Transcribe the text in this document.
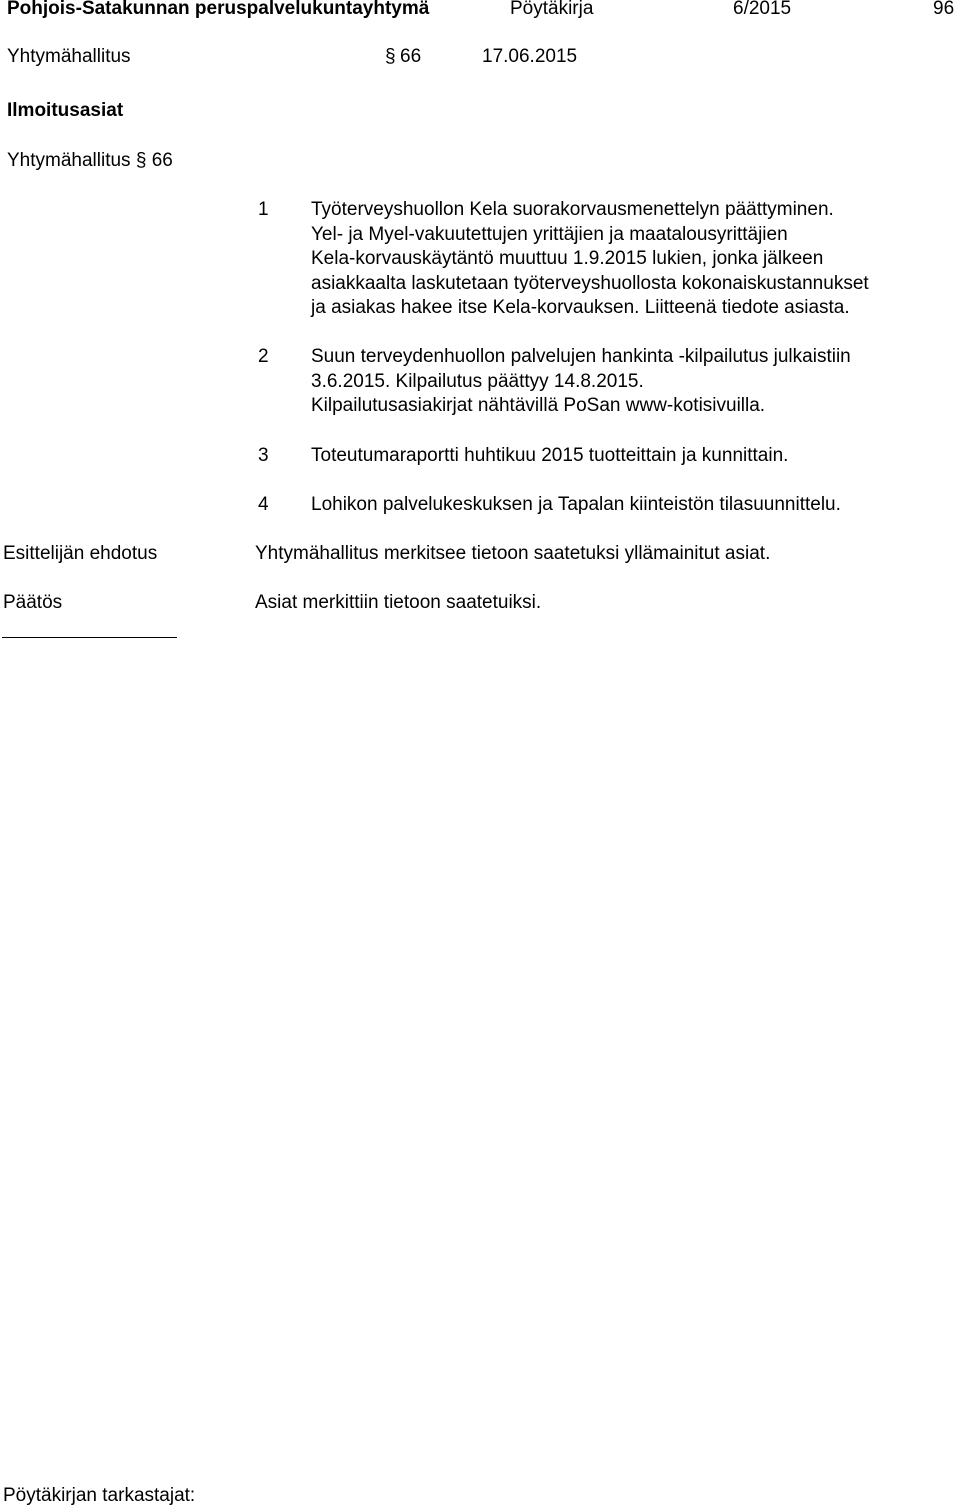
Pohjois-Satakunnan peruspalvelukuntayhtymä	Pöytäkirja	6/2015	96
Yhtymähallitus	§ 66	17.06.2015
Ilmoitusasiat
Yhtymähallitus § 66
1 Työterveyshuollon Kela suorakorvausmenettelyn päättyminen.
Yel- ja Myel-vakuutettujen yrittäjien ja maatalousyrittäjien
Kela-korvauskäytäntö muuttuu 1.9.2015 lukien, jonka jälkeen
asiakkaalta laskutetaan työterveyshuollosta kokonaiskustannukset
ja asiakas hakee itse Kela-korvauksen. Liitteenä tiedote asiasta.
2 Suun terveydenhuollon palvelujen hankinta -kilpailutus julkaistiin
3.6.2015. Kilpailutus päättyy 14.8.2015.
Kilpailutusasiakirjat nähtävillä PoSan www-kotisivuilla.
3 Toteutumaraportti huhtikuu 2015 tuotteittain ja kunnittain.
4 Lohikon palvelukeskuksen ja Tapalan kiinteistön tilasuunnittelu.
Esittelijän ehdotus	Yhtymähallitus merkitsee tietoon saatetuksi yllämainitut asiat.
Päätös	Asiat merkittiin tietoon saatetuiksi.
Pöytäkirjan tarkastajat:
